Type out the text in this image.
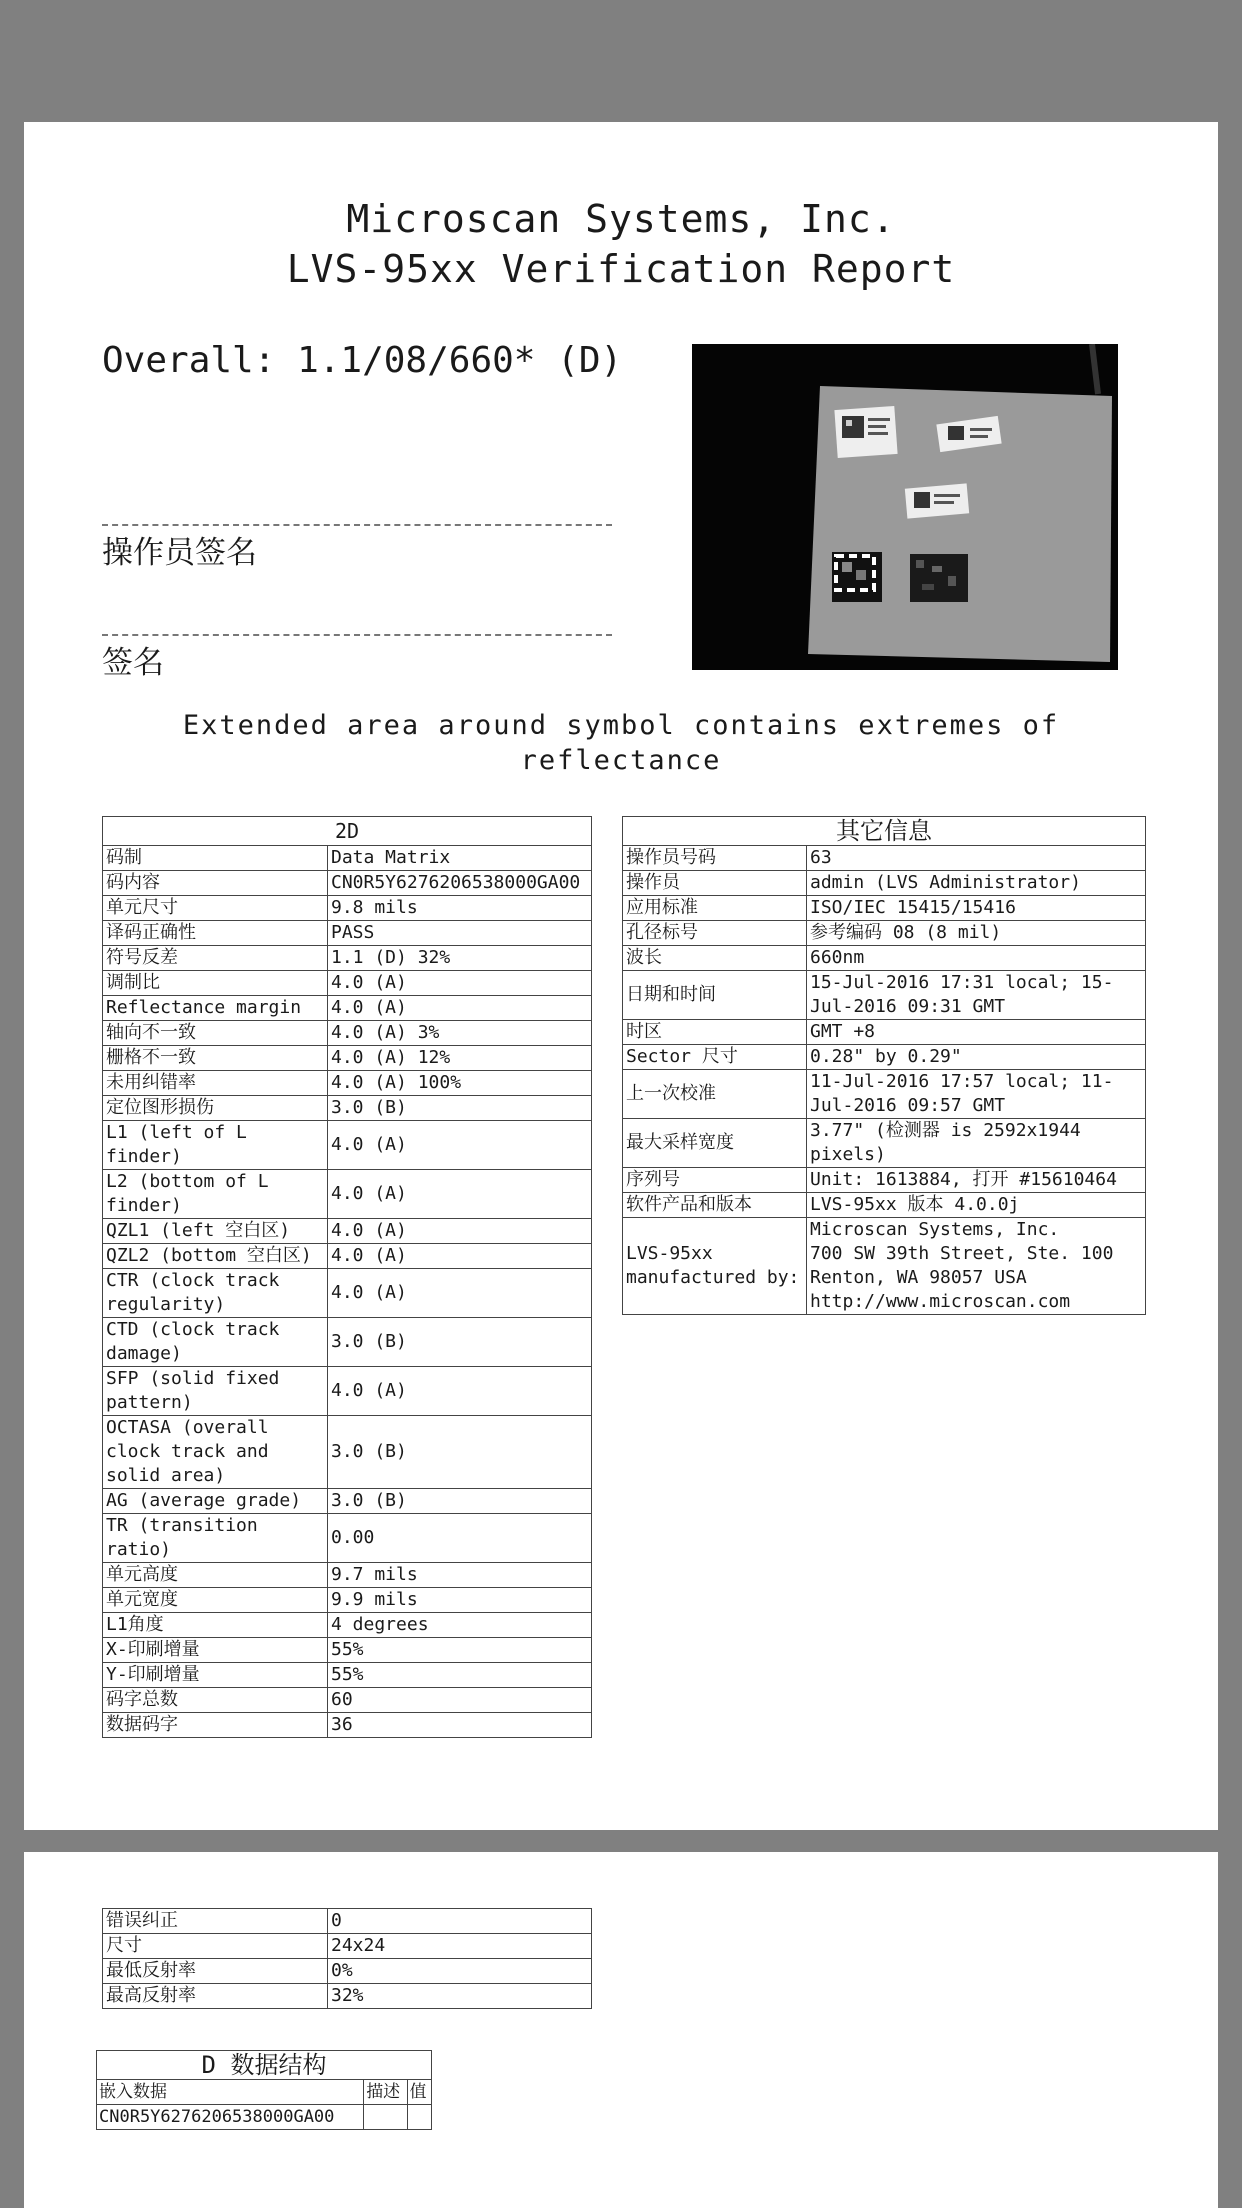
Microscan Systems, Inc.
LVS-95xx Verification Report
Overall: 1.1/08/660* (D)
操作员签名
签名
Extended area around symbol contains extremes of
reflectance
2D	
码制	Data Matrix
码内容	CN0R5Y6276206538000GA00
单元尺寸	9.8 mils
译码正确性	PASS
符号反差	1.1 (D) 32%
调制比	4.0 (A)
Reflectance margin	4.0 (A)
轴向不一致	4.0 (A) 3%
栅格不一致	4.0 (A) 12%
未用纠错率	4.0 (A) 100%
定位图形损伤	3.0 (B)
L1 (left of L finder)	4.0 (A)
L2 (bottom of L finder)	4.0 (A)
QZL1 (left 空白区)	4.0 (A)
QZL2 (bottom 空白区)	4.0 (A)
CTR (clock track regularity)	4.0 (A)
CTD (clock track damage)	3.0 (B)
SFP (solid fixed pattern)	4.0 (A)
OCTASA (overall clock track and solid area)	3.0 (B)
AG (average grade)	3.0 (B)
TR (transition ratio)	0.00
单元高度	9.7 mils
单元宽度	9.9 mils
L1角度	4 degrees
X-印刷增量	55%
Y-印刷增量	55%
码字总数	60
数据码字	36
其它信息	
操作员号码	63
操作员	admin (LVS Administrator)
应用标准	ISO/IEC 15415/15416
孔径标号	参考编码 08 (8 mil)
波长	660nm
日期和时间	15-Jul-2016 17:31 local; 15-Jul-2016 09:31 GMT
时区	GMT +8
Sector 尺寸	0.28" by 0.29"
上一次校准	11-Jul-2016 17:57 local; 11-Jul-2016 09:57 GMT
最大采样宽度	3.77" (检测器 is 2592x1944 pixels)
序列号	Unit: 1613884, 打开 #15610464
软件产品和版本	LVS-95xx 版本 4.0.0j
LVS-95xx manufactured by:	Microscan Systems, Inc.
700 SW 39th Street, Ste. 100
Renton, WA 98057 USA
http://www.microscan.com
错误纠正	0
尺寸	24x24
最低反射率	0%
最高反射率	32%
D 数据结构		
嵌入数据	描述	值
CN0R5Y6276206538000GA00		
